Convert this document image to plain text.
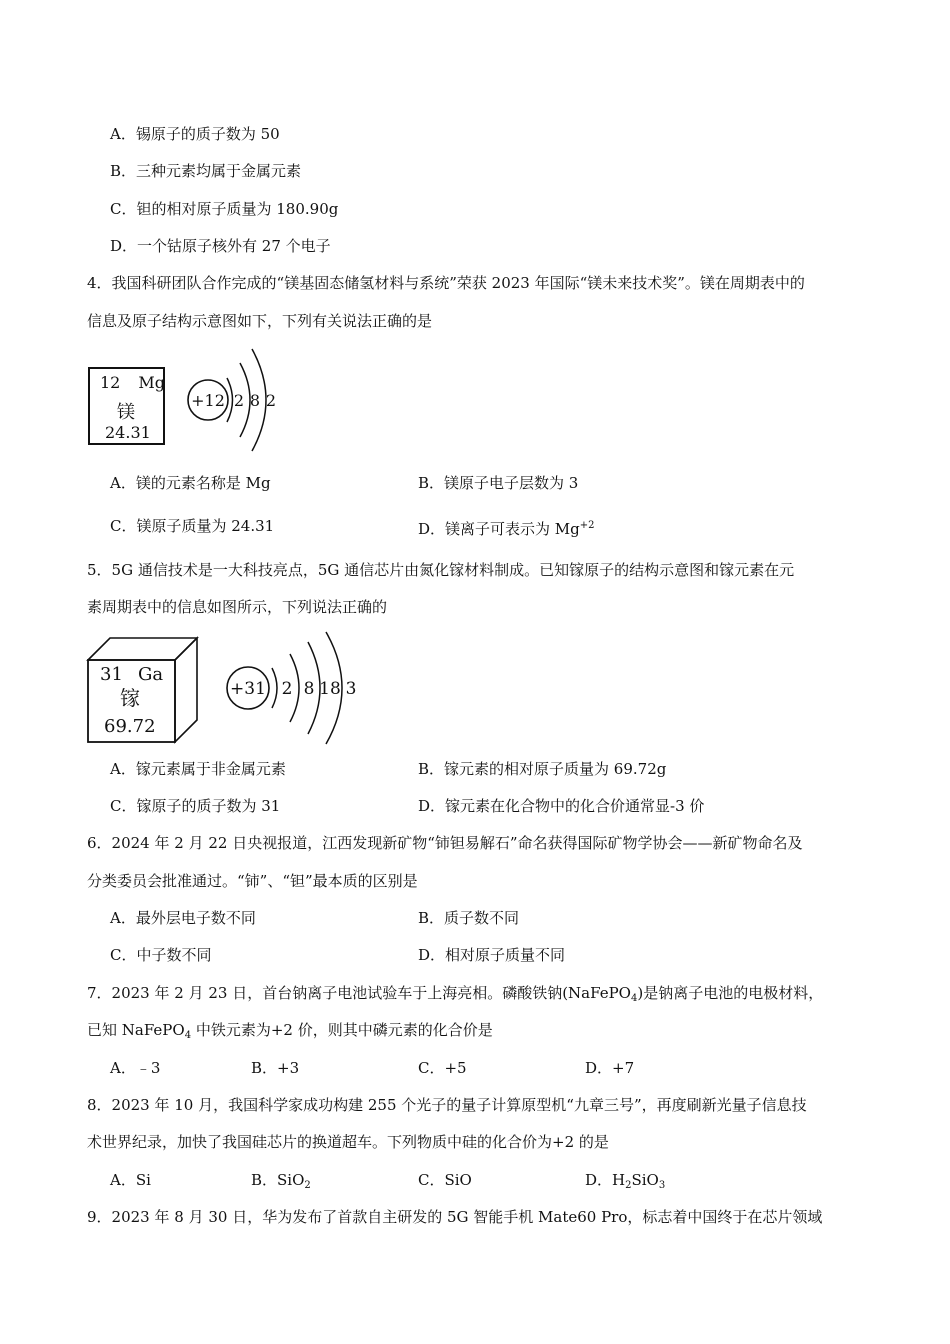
A．锡原子的质子数为 50
B．三种元素均属于金属元素
C．钽的相对原子质量为 180.90g
D．一个钴原子核外有 27 个电子
4．我国科研团队合作完成的“镁基固态储氢材料与系统”荣获 2023 年国际“镁未来技术奖”。镁在周期表中的
信息及原子结构示意图如下，下列有关说法正确的是
12 Mg
镁
24.31
+12 2 8 2
A．镁的元素名称是 Mg	B．镁原子电子层数为 3
C．镁原子质量为 24.31	D．镁离子可表示为 $Mg^{+2}$
5．5G 通信技术是一大科技亮点，5G 通信芯片由氮化镓材料制成。已知镓原子的结构示意图和镓元素在元
素周期表中的信息如图所示，下列说法正确的
31 Ga
镓
69.72
+31 2 8 18 3
A．镓元素属于非金属元素	B．镓元素的相对原子质量为 69.72g
C．镓原子的质子数为 31	D．镓元素在化合物中的化合价通常显-3 价
6．2024 年 2 月 22 日央视报道，江西发现新矿物“铈钽易解石”命名获得国际矿物学协会——新矿物命名及
分类委员会批准通过。“铈”、“钽”最本质的区别是
A．最外层电子数不同	B．质子数不同
C．中子数不同	D．相对原子质量不同
7．2023 年 2 月 23 日，首台钠离子电池试验车于上海亮相。磷酸铁钠(NaFePO$_4$)是钠离子电池的电极材料，
已知 NaFePO$_4$ 中铁元素为+2 价，则其中磷元素的化合价是
A．﹣3	B．+3	C．+5	D．+7
8．2023 年 10 月，我国科学家成功构建 255 个光子的量子计算原型机“九章三号”，再度刷新光量子信息技
术世界纪录，加快了我国硅芯片的换道超车。下列物质中硅的化合价为+2 的是
A．Si	B．SiO$_2$	C．SiO	D．$H_2SiO_3$
9．2023 年 8 月 30 日，华为发布了首款自主研发的 5G 智能手机 Mate60 Pro，标志着中国终于在芯片领域
